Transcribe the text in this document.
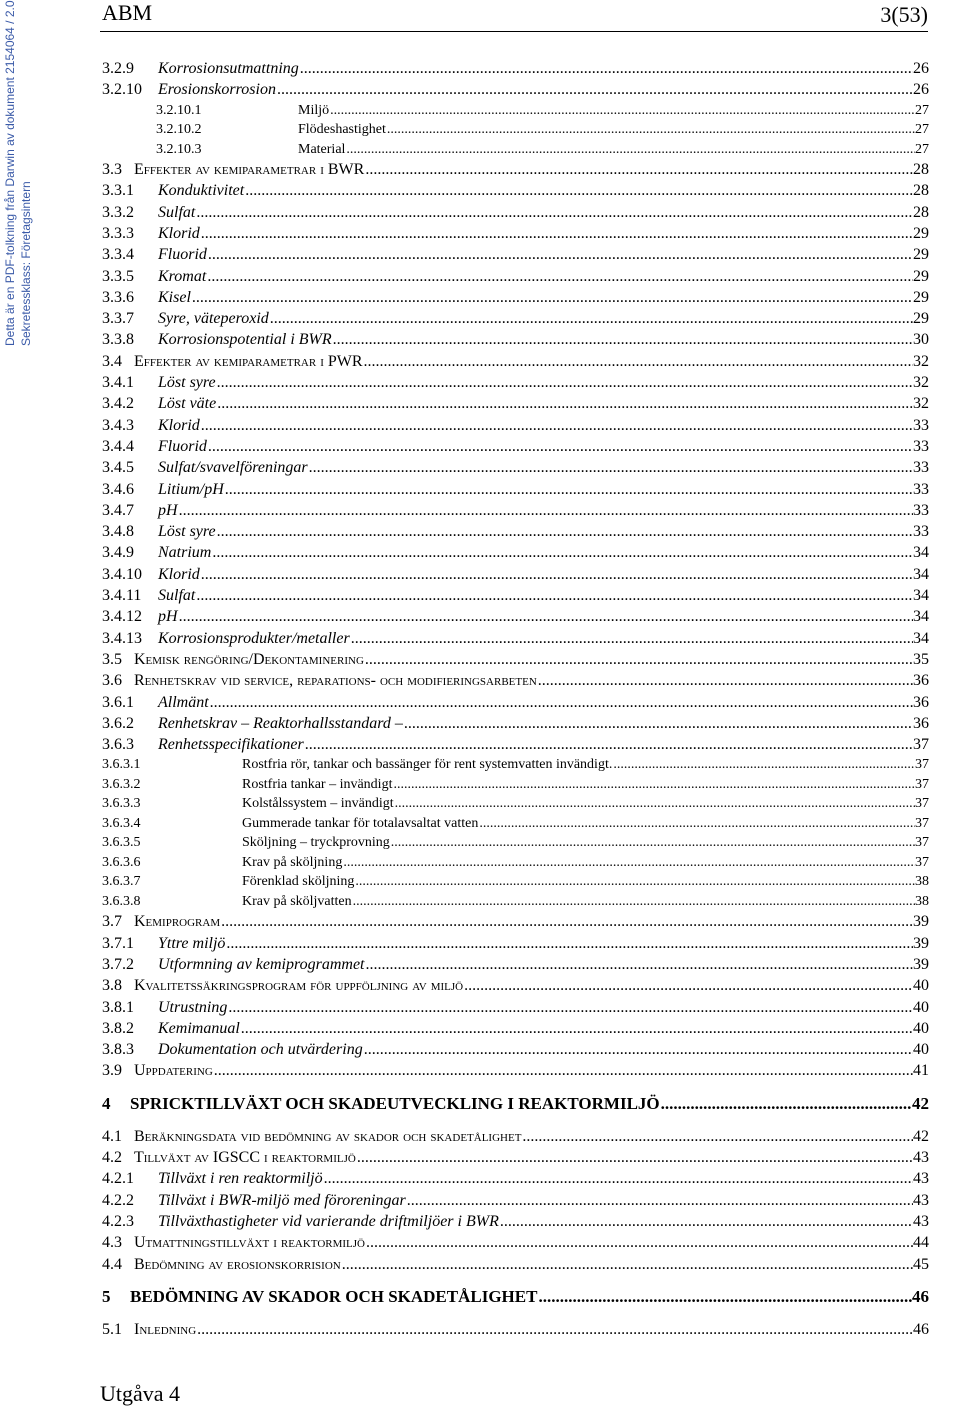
Detta är en PDF-tolkning från Darwin av dokument 2154064 / 2.0 Sekretessklass: Företagsintern
ABM	3(53)
3.2.9	Korrosionsutmattning .....	26
3.2.10	Erosionskorrosion .....	26
3.2.10.1	Miljö .....	27
3.2.10.2	Flödeshastighet .....	27
3.2.10.3	Material .....	27
3.3 Effekter av kemiparametrar i BWR .....	28
3.3.1	Konduktivitet .....	28
3.3.2	Sulfat .....	28
3.3.3	Klorid .....	29
3.3.4	Fluorid .....	29
3.3.5	Kromat .....	29
3.3.6	Kisel .....	29
3.3.7	Syre, väteperoxid .....	29
3.3.8	Korrosionspotential i BWR .....	30
3.4 Effekter av kemiparametrar i PWR .....	32
3.4.1	Löst syre .....	32
3.4.2	Löst väte .....	32
3.4.3	Klorid .....	33
3.4.4	Fluorid .....	33
3.4.5	Sulfat/svavelföreningar .....	33
3.4.6	Litium/pH .....	33
3.4.7	pH .....	33
3.4.8	Löst syre .....	33
3.4.9	Natrium .....	34
3.4.10	Klorid .....	34
3.4.11	Sulfat .....	34
3.4.12	pH .....	34
3.4.13	Korrosionsprodukter/metaller .....	34
3.5 Kemisk rengöring/Dekontaminering .....	35
3.6 Renhetskrav vid service, reparations- och modifieringsarbeten .....	36
3.6.1	Allmänt .....	36
3.6.2	Renhetskrav – Reaktorhallsstandard – .....	36
3.6.3	Renhetsspecifikationer .....	37
3.6.3.1	Rostfria rör, tankar och bassänger för rent systemvatten invändigt. .....	37
3.6.3.2	Rostfria tankar – invändigt .....	37
3.6.3.3	Kolstålssystem – invändigt .....	37
3.6.3.4	Gummerade tankar för totalavsaltat vatten .....	37
3.6.3.5	Sköljning – tryckprovning .....	37
3.6.3.6	Krav på sköljning .....	37
3.6.3.7	Förenklad sköljning .....	38
3.6.3.8	Krav på sköljvatten .....	38
3.7 Kemiprogram .....	39
3.7.1	Yttre miljö .....	39
3.7.2	Utformning av kemiprogrammet .....	39
3.8 Kvalitetssäkringsprogram för uppföljning av miljö .....	40
3.8.1	Utrustning .....	40
3.8.2	Kemimanual .....	40
3.8.3	Dokumentation och utvärdering .....	40
3.9 Uppdatering .....	41
4	SPRICKTILLVÄXT OCH SKADEUTVECKLING I REAKTORMILJÖ .....	42
4.1 Beräkningsdata vid bedömning av skador och skadetålighet .....	42
4.2 Tillväxt av IGSCC i reaktormiljö .....	43
4.2.1	Tillväxt i ren reaktormiljö .....	43
4.2.2	Tillväxt i BWR-miljö med föroreningar .....	43
4.2.3	Tillväxthastigheter vid varierande driftmiljöer i BWR .....	43
4.3 Utmattningstillväxt i reaktormiljö .....	44
4.4 Bedömning av erosionskorrision .....	45
5	BEDÖMNING AV SKADOR OCH SKADETÅLIGHET .....	46
5.1 Inledning .....	46
Utgåva 4
